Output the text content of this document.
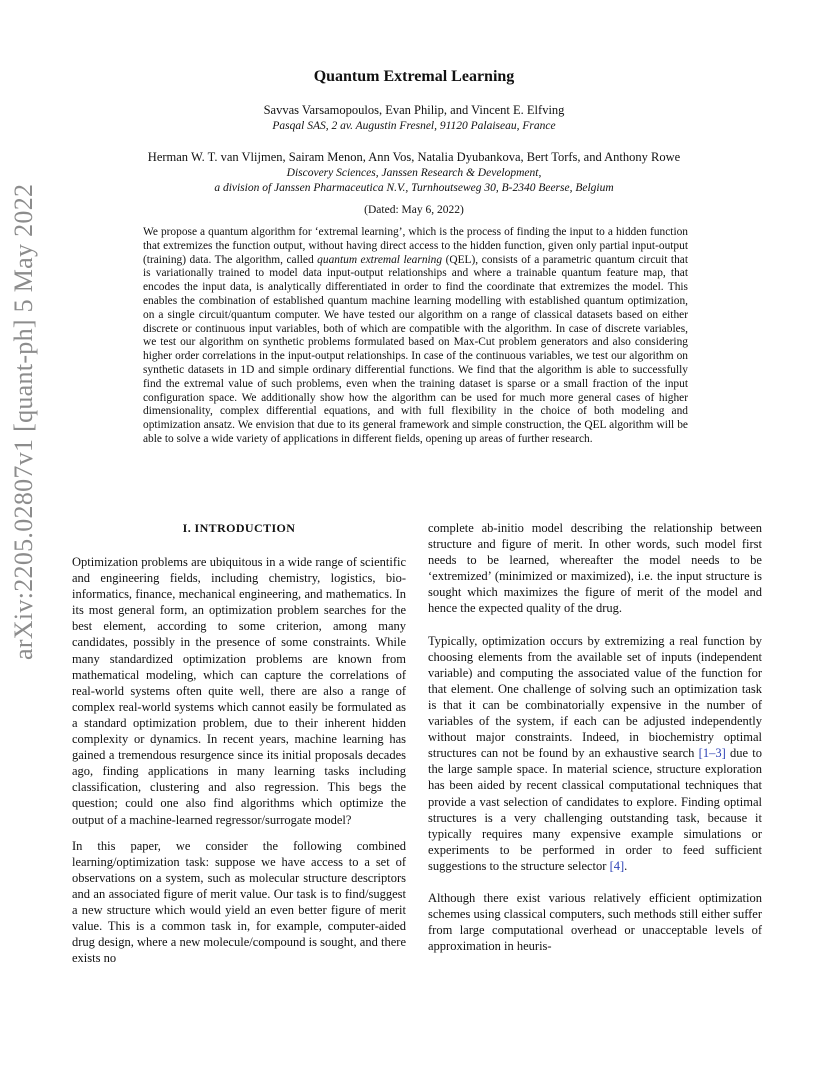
arXiv:2205.02807v1 [quant-ph] 5 May 2022
Quantum Extremal Learning
Savvas Varsamopoulos, Evan Philip, and Vincent E. Elfving
Pasqal SAS, 2 av. Augustin Fresnel, 91120 Palaiseau, France
Herman W. T. van Vlijmen, Sairam Menon, Ann Vos, Natalia Dyubankova, Bert Torfs, and Anthony Rowe
Discovery Sciences, Janssen Research & Development,
a division of Janssen Pharmaceutica N.V., Turnhoutseweg 30, B-2340 Beerse, Belgium
(Dated: May 6, 2022)
We propose a quantum algorithm for ‘extremal learning’, which is the process of finding the input to a hidden function that extremizes the function output, without having direct access to the hidden function, given only partial input-output (training) data. The algorithm, called quantum extremal learning (QEL), consists of a parametric quantum circuit that is variationally trained to model data input-output relationships and where a trainable quantum feature map, that encodes the input data, is analytically differentiated in order to find the coordinate that extremizes the model. This enables the combination of established quantum machine learning modelling with established quantum optimization, on a single circuit/quantum computer. We have tested our algorithm on a range of classical datasets based on either discrete or continuous input variables, both of which are compatible with the algorithm. In case of discrete variables, we test our algorithm on synthetic problems formulated based on Max-Cut problem generators and also considering higher order correlations in the input-output relationships. In case of the continuous variables, we test our algorithm on synthetic datasets in 1D and simple ordinary differential functions. We find that the algorithm is able to successfully find the extremal value of such problems, even when the training dataset is sparse or a small fraction of the input configuration space. We additionally show how the algorithm can be used for much more general cases of higher dimensionality, complex differential equations, and with full flexibility in the choice of both modeling and optimization ansatz. We envision that due to its general framework and simple construction, the QEL algorithm will be able to solve a wide variety of applications in different fields, opening up areas of further research.
I. INTRODUCTION

Optimization problems are ubiquitous in a wide range of scientific and engineering fields, including chemistry, logistics, bio-informatics, finance, mechanical engineering, and mathematics. In its most general form, an optimization problem searches for the best element, according to some criterion, among many candidates, possibly in the presence of some constraints. While many standardized optimization problems are known from mathematical modeling, which can capture the correlations of real-world systems often quite well, there are also a range of complex real-world systems which cannot easily be formulated as a standard optimization problem, due to their inherent hidden complexity or dynamics. In recent years, machine learning has gained a tremendous resurgence since its initial proposals decades ago, finding applications in many learning tasks including classification, clustering and also regression. This begs the question; could one also find algorithms which optimize the output of a machine-learned regressor/surrogate model?

In this paper, we consider the following combined learning/optimization task: suppose we have access to a set of observations on a system, such as molecular structure descriptors and an associated figure of merit value. Our task is to find/suggest a new structure which would yield an even better figure of merit value. This is a common task in, for example, computer-aided drug design, where a new molecule/compound is sought, and there exists no

complete ab-initio model describing the relationship between structure and figure of merit. In other words, such model first needs to be learned, whereafter the model needs to be ‘extremized’ (minimized or maximized), i.e. the input structure is sought which maximizes the figure of merit of the model and hence the expected quality of the drug.

Typically, optimization occurs by extremizing a real function by choosing elements from the available set of inputs (independent variable) and computing the associated value of the function for that element. One challenge of solving such an optimization task is that it can be combinatorially expensive in the number of variables of the system, if each can be adjusted independently without major constraints. Indeed, in biochemistry optimal structures can not be found by an exhaustive search [1–3] due to the large sample space. In material science, structure exploration has been aided by recent classical computational techniques that provide a vast selection of candidates to explore. Finding optimal structures is a very challenging outstanding task, because it typically requires many expensive example simulations or experiments to be performed in order to feed sufficient suggestions to the structure selector [4].

Although there exist various relatively efficient optimization schemes using classical computers, such methods still either suffer from large computational overhead or unacceptable levels of approximation in heuris-
